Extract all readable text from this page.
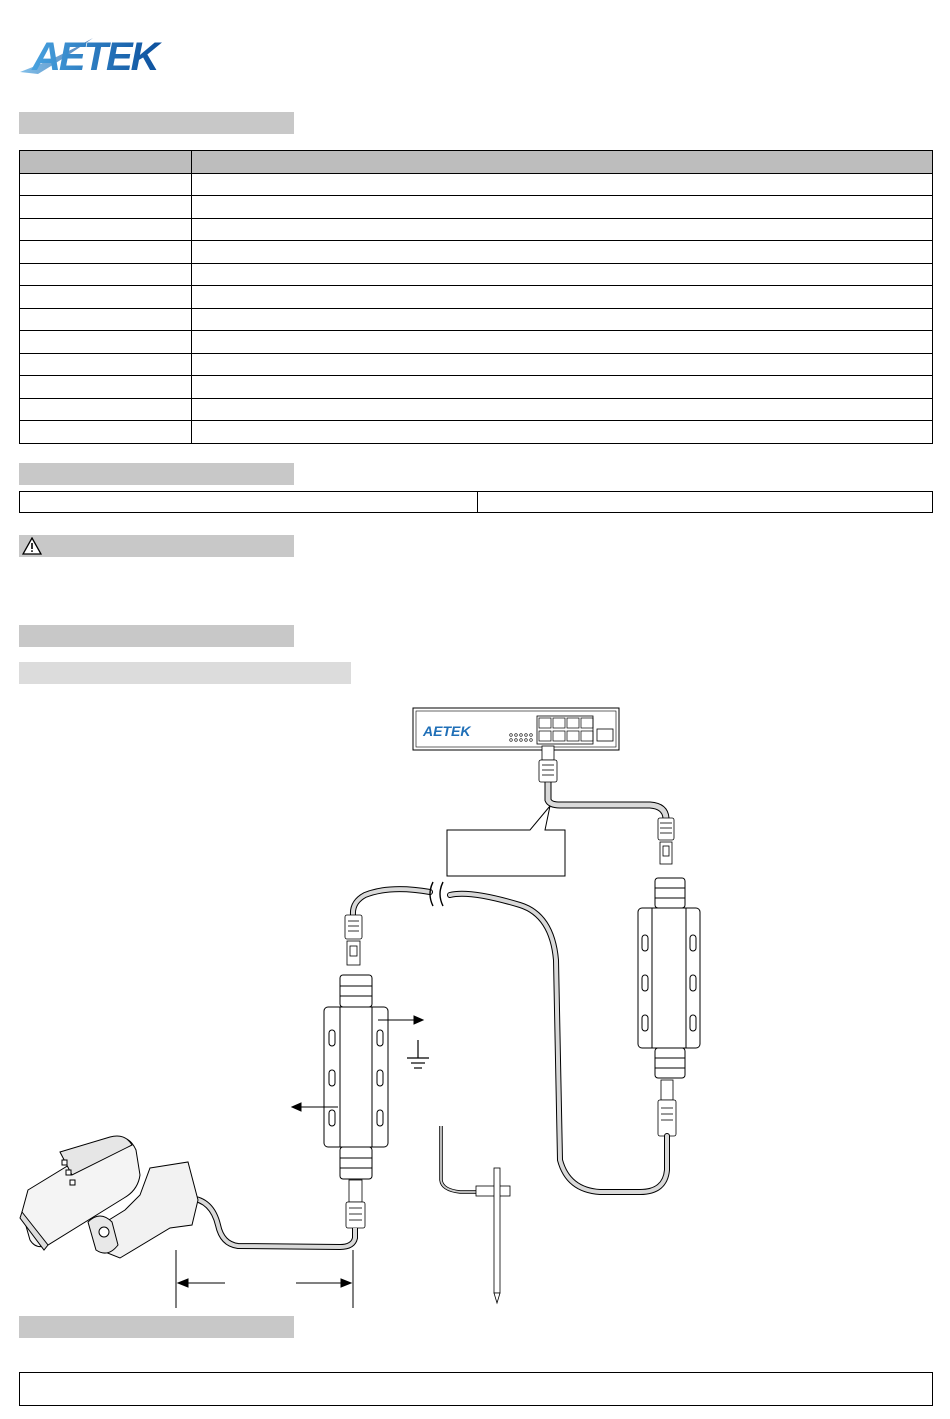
AETEK

AETEK
